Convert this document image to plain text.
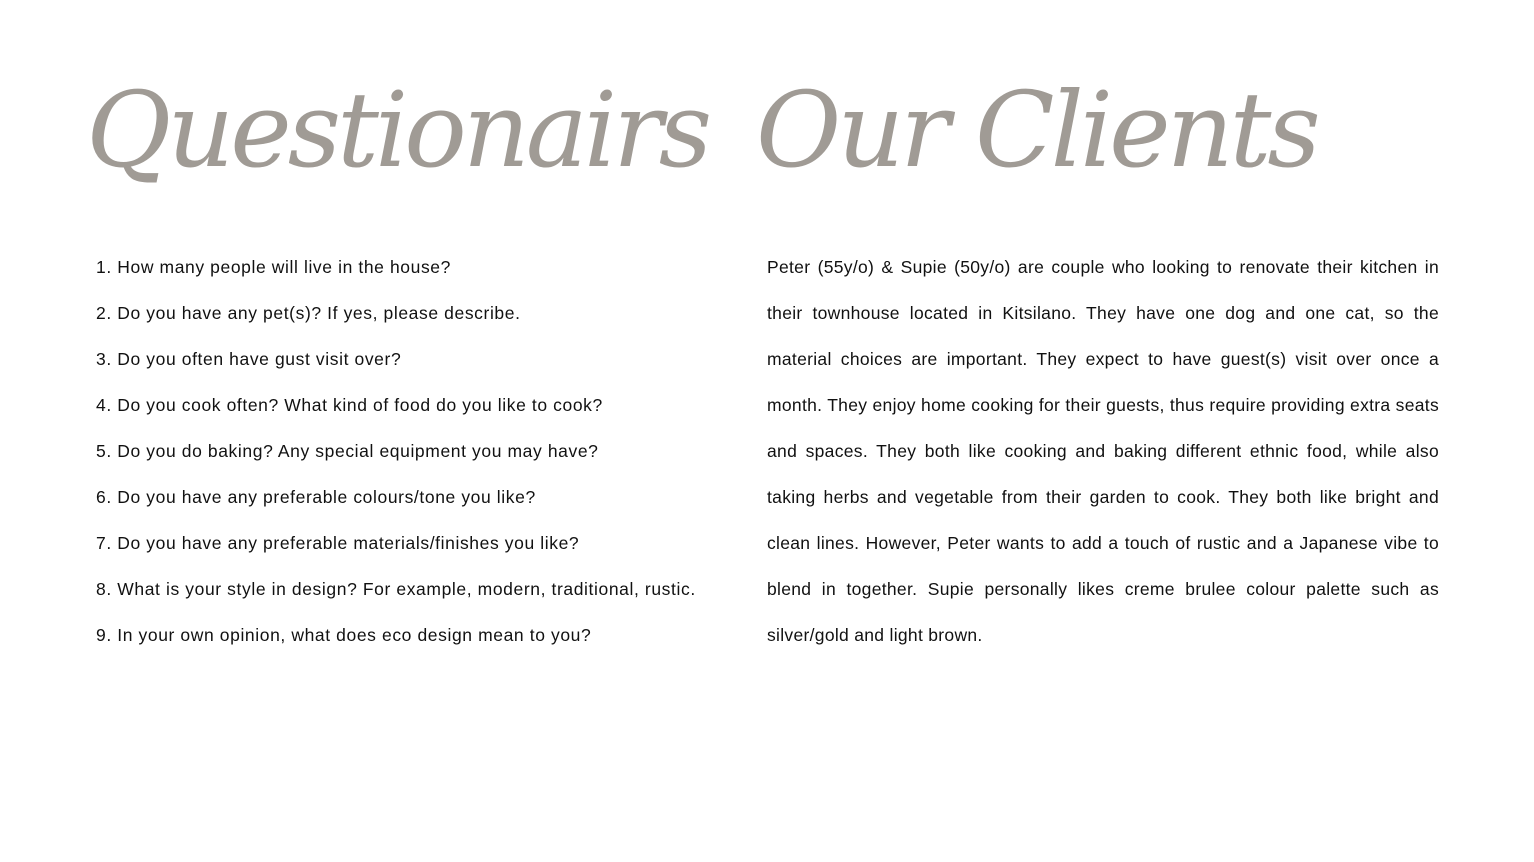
Questionairs Our Clients
1. How many people will live in the house?
2. Do you have any pet(s)? If yes, please describe.
3. Do you often have gust visit over?
4. Do you cook often? What kind of food do you like to cook?
5. Do you do baking? Any special equipment you may have?
6. Do you have any preferable colours/tone you like?
7. Do you have any preferable materials/finishes you like?
8. What is your style in design? For example, modern, traditional, rustic.
9. In your own opinion, what does eco design mean to you?

Peter (55y/o) & Supie (50y/o) are couple who looking to renovate their kitchen in their townhouse located in Kitsilano. They have one dog and one cat, so the material choices are important. They expect to have guest(s) visit over once a month. They enjoy home cooking for their guests, thus require providing extra seats and spaces. They both like cooking and baking different ethnic food, while also taking herbs and vegetable from their garden to cook. They both like bright and clean lines. However, Peter wants to add a touch of rustic and a Japanese vibe to blend in together. Supie personally likes creme brulee colour palette such as silver/gold and light brown.
